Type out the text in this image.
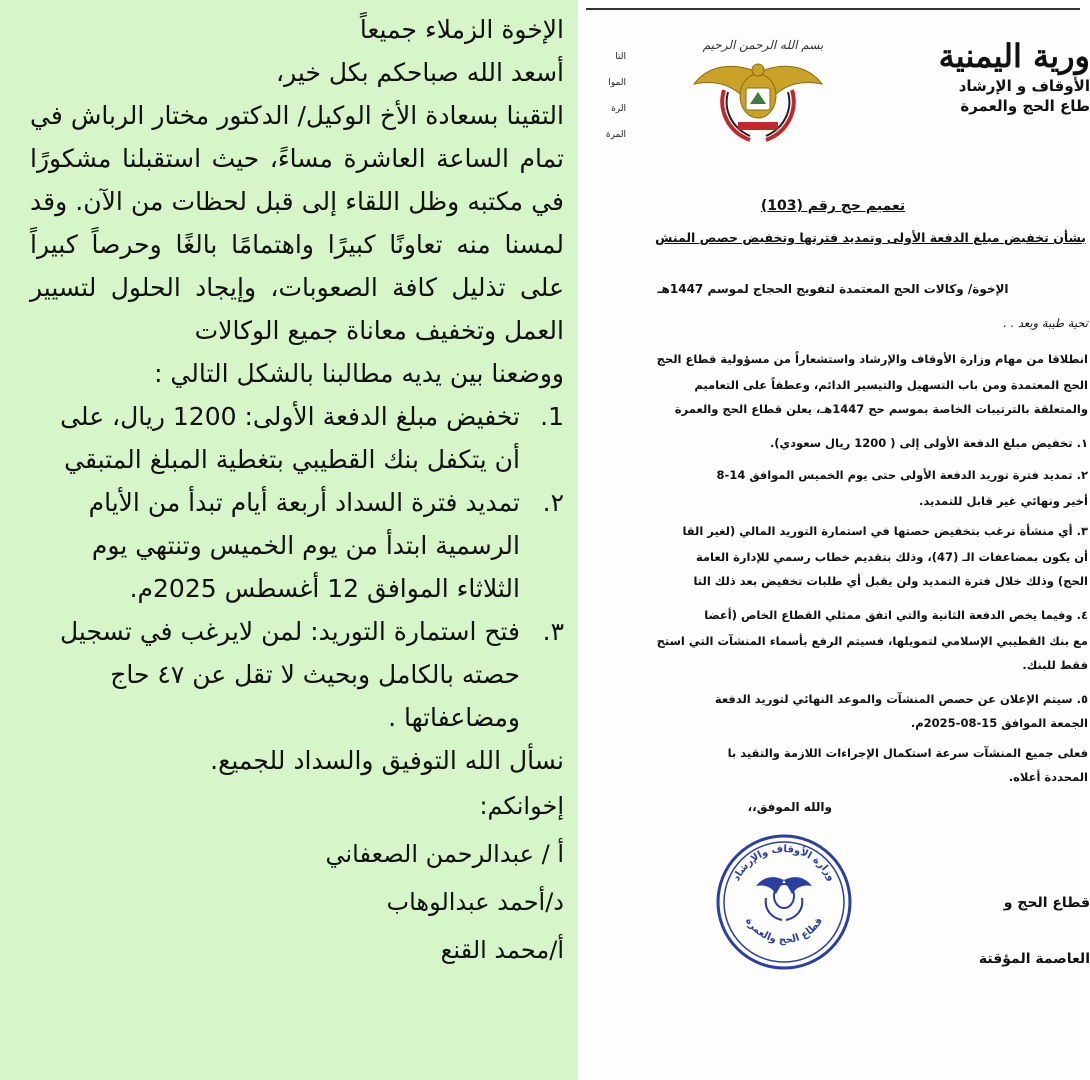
الإخوة الزملاء جميعاً

أسعد الله صباحكم بكل خير،

التقينا بسعادة الأخ الوكيل/ الدكتور مختار الرباش في تمام الساعة العاشرة مساءً، حيث استقبلنا مشكورًا في مكتبه وظل اللقاء إلى قبل لحظات من الآن. وقد لمسنا منه تعاونًا كبيرًا واهتمامًا بالغًا وحرصاً كبيراً على تذليل كافة الصعوبات، وإيجاد الحلول لتسيير العمل وتخفيف معاناة جميع الوكالات

ووضعنا بين يديه مطالبنا بالشكل التالي :

1.
تخفيض مبلغ الدفعة الأولى: 1200 ريال، على أن يتكفل بنك القطيبي بتغطية المبلغ المتبقي
٢.
تمديد فترة السداد أربعة أيام تبدأ من الأيام الرسمية ابتدأ من يوم الخميس وتنتهي يوم الثلاثاء الموافق 12 أغسطس 2025م.
٣.
فتح استمارة التوريد: لمن لايرغب في تسجيل حصته بالكامل وبحيث لا تقل عن ٤٧ حاج ومضاعفاتها .

نسأل الله التوفيق والسداد للجميع.

إخوانكم:

أ / عبدالرحمن الصعفاني

د/أحمد عبدالوهاب

أ/محمد القنع

ورية اليمنية
الأوقاف و الإرشاد
طاع الحج والعمرة
التا
الموا
الرة
المرة
بسم الله الرحمن الرحيم
تعميم حج رقم (103)
بشأن تخفيض مبلغ الدفعة الأولى وتمديد فترتها وتخفيض حصص المنش
الإخوة/ وكالات الحج المعتمدة لتفويج الحجاج لموسم 1447هـ
تحية طيبة وبعد . .
انطلاقا من مهام وزارة الأوقاف والإرشاد واستشعاراً من مسؤولية قطاع الحج
الحج المعتمدة ومن باب التسهيل والتيسير الدائم، وعطفاً على التعاميم
والمتعلقة بالترتيبات الخاصة بموسم حج 1447هـ، يعلن قطاع الحج والعمرة
١. تخفيض مبلغ الدفعة الأولى إلى ( 1200 ريال سعودي).
٢. تمديد فترة توريد الدفعة الأولى حتى يوم الخميس الموافق 14-8
أخير ونهائي غير قابل للتمديد.
٣. أي منشأة ترغب بتخفيض حصتها في استمارة التوريد المالي (لغير القا
أن يكون بمضاعفات الـ (47)، وذلك بتقديم خطاب رسمي للإدارة العامة
الحج) وذلك خلال فترة التمديد ولن يقبل أي طلبات تخفيض بعد ذلك التا
٤. وفيما يخص الدفعة الثانية والتي اتفق ممثلي القطاع الخاص (أعضا
مع بنك القطيبي الإسلامي لتمويلها، فسيتم الرفع بأسماء المنشآت التي استح
فقط للبنك.
٥. سيتم الإعلان عن حصص المنشآت والموعد النهائي لتوريد الدفعة
الجمعة الموافق 15-08-2025م.
فعلى جميع المنشآت سرعة استكمال الإجراءات اللازمة والتقيد با
المحددة أعلاه.
والله الموفق،،
قطاع الحج و
العاصمة المؤقتة
وزارة الأوقاف والإرشاد
قطاع الحج والعمرة
